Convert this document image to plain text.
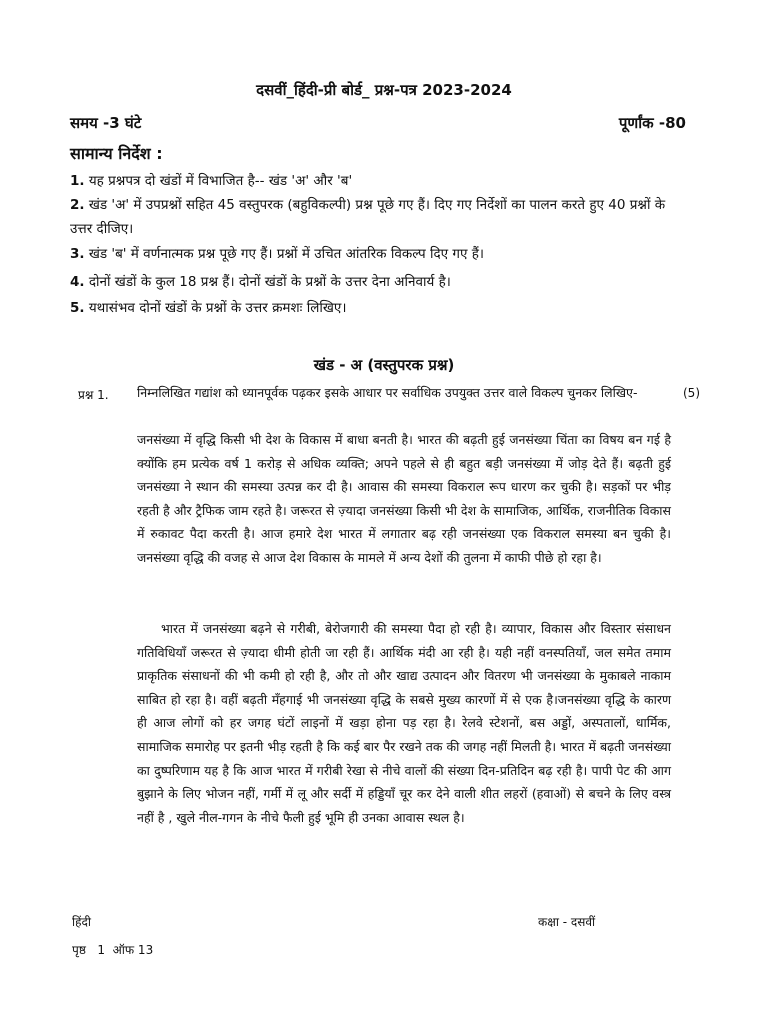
दसवीं_हिंदी-प्री बोर्ड_ प्रश्न-पत्र 2023-2024
समय -3 घंटे	पूर्णांक -80
सामान्य निर्देश :
1. यह प्रश्नपत्र दो खंडों में विभाजित है-- खंड 'अ' और 'ब'
2. खंड 'अ' में उपप्रश्नों सहित 45 वस्तुपरक (बहुविकल्पी) प्रश्न पूछे गए हैं। दिए गए निर्देशों का पालन करते हुए 40 प्रश्नों के उत्तर दीजिए।
3. खंड 'ब' में वर्णनात्मक प्रश्न पूछे गए हैं। प्रश्नों में उचित आंतरिक विकल्प दिए गए हैं।
4. दोनों खंडों के कुल 18 प्रश्न हैं। दोनों खंडों के प्रश्नों के उत्तर देना अनिवार्य है।
5. यथासंभव दोनों खंडों के प्रश्नों के उत्तर क्रमशः लिखिए।
खंड - अ (वस्तुपरक प्रश्न)
प्रश्न 1.	(5)
निम्नलिखित गद्यांश को ध्यानपूर्वक पढ़कर इसके आधार पर सर्वाधिक उपयुक्त उत्तर वाले विकल्प चुनकर लिखिए-
जनसंख्या में वृद्धि किसी भी देश के विकास में बाधा बनती है। भारत की बढ़ती हुई जनसंख्या चिंता का विषय बन गई है क्योंकि हम प्रत्येक वर्ष 1 करोड़ से अधिक व्यक्ति; अपने पहले से ही बहुत बड़ी जनसंख्या में जोड़ देते हैं। बढ़ती हुई जनसंख्या ने स्थान की समस्या उत्पन्न कर दी है। आवास की समस्या विकराल रूप धारण कर चुकी है। सड़कों पर भीड़ रहती है और ट्रैफिक जाम रहते है। जरूरत से ज़्यादा जनसंख्या किसी भी देश के सामाजिक, आर्थिक, राजनीतिक विकास में रुकावट पैदा करती है। आज हमारे देश भारत में लगातार बढ़ रही जनसंख्या एक विकराल समस्या बन चुकी है।जनसंख्या वृद्धि की वजह से आज देश विकास के मामले में अन्य देशों की तुलना में काफी पीछे हो रहा है।
भारत में जनसंख्या बढ़ने से गरीबी, बेरोजगारी की समस्या पैदा हो रही है। व्यापार, विकास और विस्तार संसाधन गतिविधियाँ जरूरत से ज़्यादा धीमी होती जा रही हैं। आर्थिक मंदी आ रही है। यही नहीं वनस्पतियाँ, जल समेत तमाम प्राकृतिक संसाधनों की भी कमी हो रही है, और तो और खाद्य उत्पादन और वितरण भी जनसंख्या के मुकाबले नाकाम साबित हो रहा है। वहीं बढ़ती मँहगाई भी जनसंख्या वृद्धि के सबसे मुख्य कारणों में से एक है।जनसंख्या वृद्धि के कारण ही आज लोगों को हर जगह घंटों लाइनों में खड़ा होना पड़ रहा है। रेलवे स्टेशनों, बस अड्डों, अस्पतालों, धार्मिक, सामाजिक समारोह पर इतनी भीड़ रहती है कि कई बार पैर रखने तक की जगह नहीं मिलती है। भारत में बढ़ती जनसंख्या का दुष्परिणाम यह है कि आज भारत में गरीबी रेखा से नीचे वालों की संख्या दिन-प्रतिदिन बढ़ रही है। पापी पेट की आग बुझाने के लिए भोजन नहीं, गर्मी में लू और सर्दी में हड्डियाँ चूर कर देने वाली शीत लहरों (हवाओं) से बचने के लिए वस्त्र नहीं है , खुले नील-गगन के नीचे फैली हुई भूमि ही उनका आवास स्थल है।
हिंदी	कक्षा - दसवीं
पृष्ठ   1  ऑफ 13
